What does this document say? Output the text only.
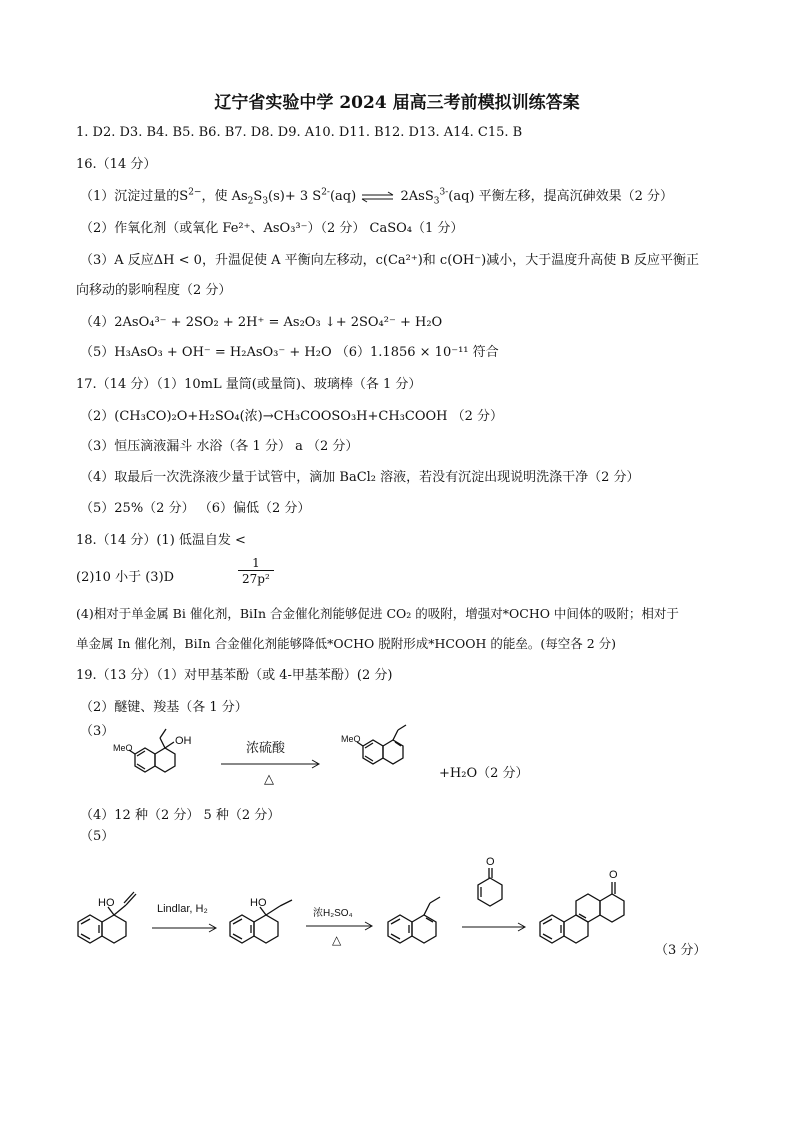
辽宁省实验中学 2024 届高三考前模拟训练答案
1. D2. D3. B4. B5. B6. B7. D8. D9. A10. D11. B12. D13. A14. C15. B
16.（14 分）
（1）沉淀过量的$S^{2-}$，使 $As_2S_3(s)+ 3$ $S^{2-}(aq)$ ⇌ 2AsS$_3^{3-}$(aq) 平衡左移，提高沉砷效果（2 分）
（2）作氧化剂（或氧化 Fe²⁺、AsO₃³⁻）（2 分） CaSO₄（1 分）
（3）A 反应ΔH < 0，升温促使 A 平衡向左移动，c(Ca²⁺)和 c(OH⁻)减小，大于温度升高使 B 反应平衡正
向移动的影响程度（2 分）
（4）2AsO₄³⁻ + 2SO₂ + 2H⁺ = As₂O₃ ↓+ 2SO₄²⁻ + H₂O
（5）H₃AsO₃ + OH⁻ = H₂AsO₃⁻ + H₂O （6）1.1856 × 10⁻¹¹ 符合
17.（14 分）（1）10mL 量筒(或量筒)、玻璃棒（各 1 分）
（2）(CH₃CO)₂O+H₂SO₄(浓)→CH₃COOSO₃H+CH₃COOH （2 分）
（3）恒压滴液漏斗 水浴（各 1 分） a （2 分）
（4）取最后一次洗涤液少量于试管中，滴加 BaCl₂ 溶液，若没有沉淀出现说明洗涤干净（2 分）
（5）25%（2 分） （6）偏低（2 分）
18.（14 分）(1) 低温自发 <
(2)10 小于 (3)D	$\frac{1}{\text{27p²}}$
(4)相对于单金属 Bi 催化剂，BiIn 合金催化剂能够促进 CO₂ 的吸附，增强对*OCHO 中间体的吸附；相对于
单金属 In 催化剂，BiIn 合金催化剂能够降低*OCHO 脱附形成*HCOOH 的能垒。(每空各 2 分)
19.（13 分）（1）对甲基苯酚（或 4-甲基苯酚）(2 分)
（2）醚键、羧基（各 1 分）
（3）
OH
MeO	浓硫酸
△
MeO
+H₂O（2 分）
（4）12 种（2 分） 5 种（2 分）
（5）
HO	Lindlar, H₂	HO
浓H₂SO₄
△
O
O
（3 分）
